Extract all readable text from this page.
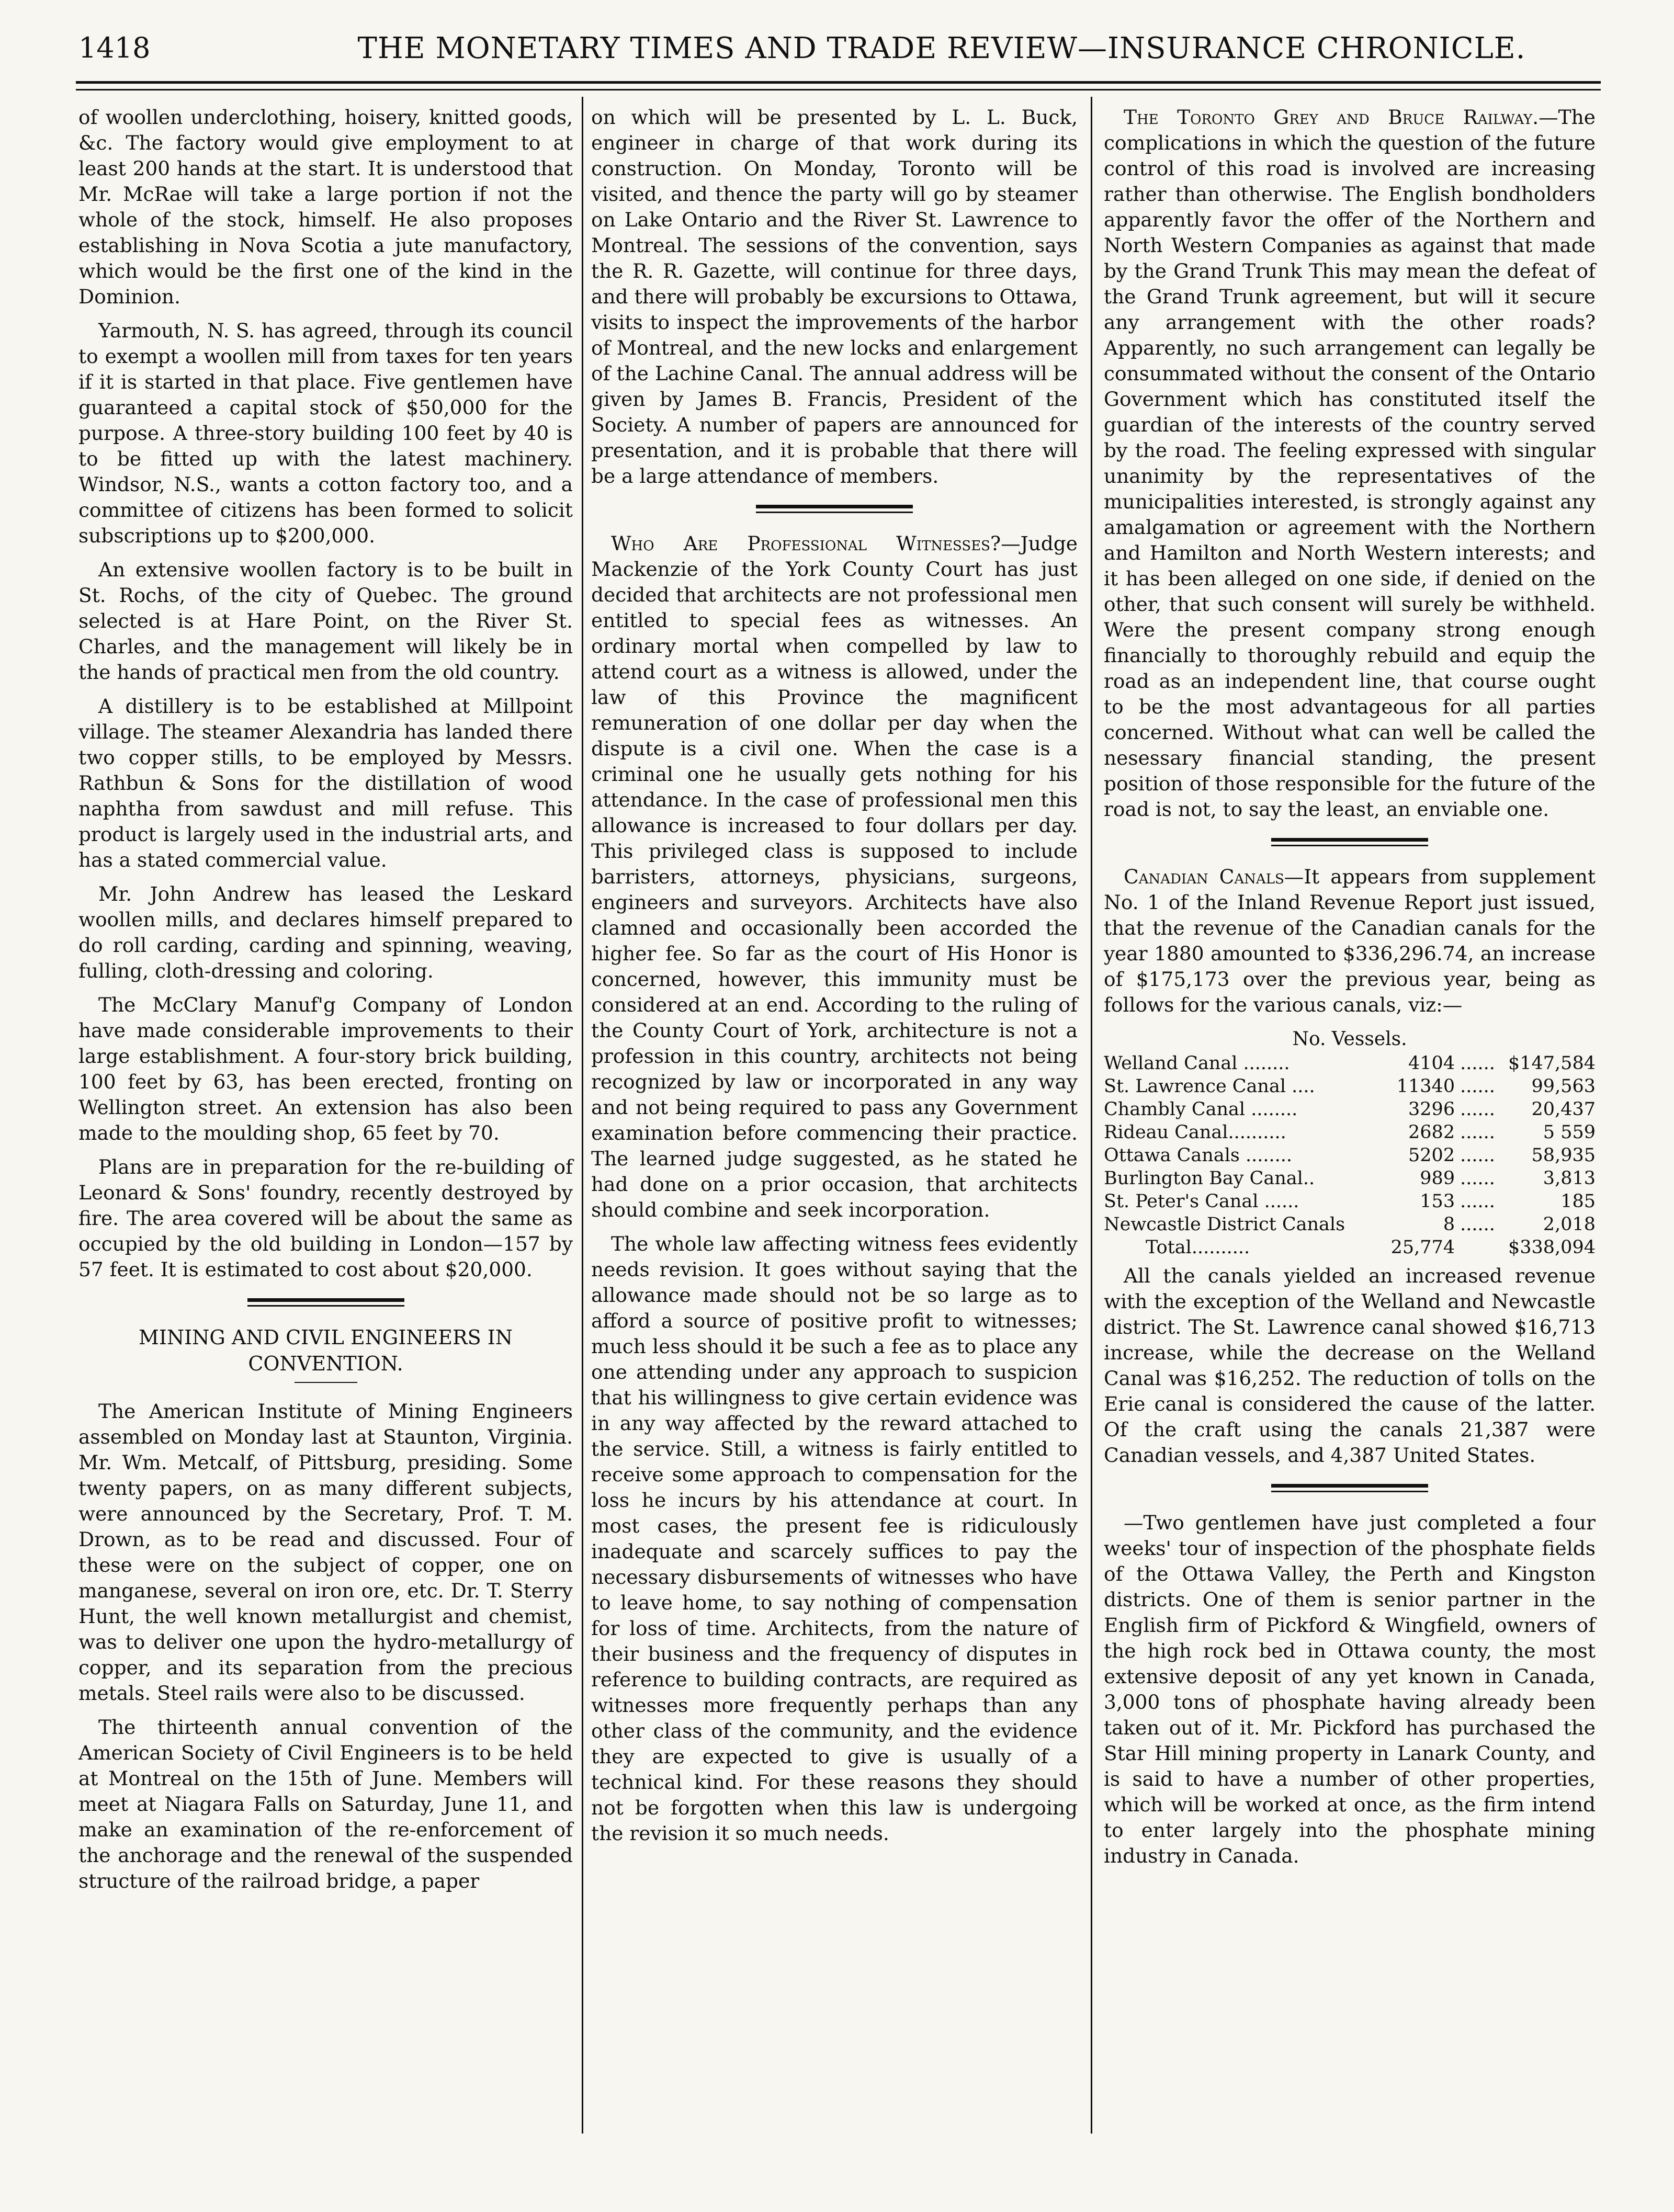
1418	THE MONETARY TIMES AND TRADE REVIEW—INSURANCE CHRONICLE.

of woollen underclothing, hoisery, knitted goods, &c. The factory would give employment to at least 200 hands at the start. It is understood that Mr. McRae will take a large portion if not the whole of the stock, himself. He also proposes establishing in Nova Scotia a jute manufactory, which would be the first one of the kind in the Dominion.

Yarmouth, N. S. has agreed, through its council to exempt a woollen mill from taxes for ten years if it is started in that place. Five gentlemen have guaranteed a capital stock of $50,000 for the purpose. A three-story building 100 feet by 40 is to be fitted up with the latest machinery. Windsor, N.S., wants a cotton factory too, and a committee of citizens has been formed to solicit subscriptions up to $200,000.

An extensive woollen factory is to be built in St. Rochs, of the city of Quebec. The ground selected is at Hare Point, on the River St. Charles, and the management will likely be in the hands of practical men from the old country.

A distillery is to be established at Millpoint village. The steamer Alexandria has landed there two copper stills, to be employed by Messrs. Rathbun & Sons for the distillation of wood naphtha from sawdust and mill refuse. This product is largely used in the industrial arts, and has a stated commercial value.

Mr. John Andrew has leased the Leskard woollen mills, and declares himself prepared to do roll carding, carding and spinning, weaving, fulling, cloth-dressing and coloring.

The McClary Manuf'g Company of London have made considerable improvements to their large establishment. A four-story brick building, 100 feet by 63, has been erected, fronting on Wellington street. An extension has also been made to the moulding shop, 65 feet by 70.

Plans are in preparation for the re-building of Leonard & Sons' foundry, recently destroyed by fire. The area covered will be about the same as occupied by the old building in London—157 by 57 feet. It is estimated to cost about $20,000.

MINING AND CIVIL ENGINEERS IN CONVENTION.

The American Institute of Mining Engineers assembled on Monday last at Staunton, Virginia. Mr. Wm. Metcalf, of Pittsburg, presiding. Some twenty papers, on as many different subjects, were announced by the Secretary, Prof. T. M. Drown, as to be read and discussed. Four of these were on the subject of copper, one on manganese, several on iron ore, etc. Dr. T. Sterry Hunt, the well known metallurgist and chemist, was to deliver one upon the hydro-metallurgy of copper, and its separation from the precious metals. Steel rails were also to be discussed.

The thirteenth annual convention of the American Society of Civil Engineers is to be held at Montreal on the 15th of June. Members will meet at Niagara Falls on Saturday, June 11, and make an examination of the re-enforcement of the anchorage and the renewal of the suspended structure of the railroad bridge, a paper

on which will be presented by L. L. Buck, engineer in charge of that work during its construction. On Monday, Toronto will be visited, and thence the party will go by steamer on Lake Ontario and the River St. Lawrence to Montreal. The sessions of the convention, says the R. R. Gazette, will continue for three days, and there will probably be excursions to Ottawa, visits to inspect the improvements of the harbor of Montreal, and the new locks and enlargement of the Lachine Canal. The annual address will be given by James B. Francis, President of the Society. A number of papers are announced for presentation, and it is probable that there will be a large attendance of members.

Who Are Professional Witnesses?—Judge Mackenzie of the York County Court has just decided that architects are not professional men entitled to special fees as witnesses. An ordinary mortal when compelled by law to attend court as a witness is allowed, under the law of this Province the magnificent remuneration of one dollar per day when the dispute is a civil one. When the case is a criminal one he usually gets nothing for his attendance. In the case of professional men this allowance is increased to four dollars per day. This privileged class is supposed to include barristers, attorneys, physicians, surgeons, engineers and surveyors. Architects have also clamned and occasionally been accorded the higher fee. So far as the court of His Honor is concerned, however, this immunity must be considered at an end. According to the ruling of the County Court of York, architecture is not a profession in this country, architects not being recognized by law or incorporated in any way and not being required to pass any Government examination before commencing their practice. The learned judge suggested, as he stated he had done on a prior occasion, that architects should combine and seek incorporation.

The whole law affecting witness fees evidently needs revision. It goes without saying that the allowance made should not be so large as to afford a source of positive profit to witnesses; much less should it be such a fee as to place any one attending under any approach to suspicion that his willingness to give certain evidence was in any way affected by the reward attached to the service. Still, a witness is fairly entitled to receive some approach to compensation for the loss he incurs by his attendance at court. In most cases, the present fee is ridiculously inadequate and scarcely suffices to pay the necessary disbursements of witnesses who have to leave home, to say nothing of compensation for loss of time. Architects, from the nature of their business and the frequency of disputes in reference to building contracts, are required as witnesses more frequently perhaps than any other class of the community, and the evidence they are expected to give is usually of a technical kind. For these reasons they should not be forgotten when this law is undergoing the revision it so much needs.

The Toronto Grey and Bruce Railway.—The complications in which the question of the future control of this road is involved are increasing rather than otherwise. The English bondholders apparently favor the offer of the Northern and North Western Companies as against that made by the Grand Trunk This may mean the defeat of the Grand Trunk agreement, but will it secure any arrangement with the other roads? Apparently, no such arrangement can legally be consummated without the consent of the Ontario Government which has constituted itself the guardian of the interests of the country served by the road. The feeling expressed with singular unanimity by the representatives of the municipalities interested, is strongly against any amalgamation or agreement with the Northern and Hamilton and North Western interests; and it has been alleged on one side, if denied on the other, that such consent will surely be withheld. Were the present company strong enough financially to thoroughly rebuild and equip the road as an independent line, that course ought to be the most advantageous for all parties concerned. Without what can well be called the nesessary financial standing, the present position of those responsible for the future of the road is not, to say the least, an enviable one.

Canadian Canals—It appears from supplement No. 1 of the Inland Revenue Report just issued, that the revenue of the Canadian canals for the year 1880 amounted to $336,296.74, an increase of $175,173 over the previous year, being as follows for the various canals, viz:—

No. Vessels.
Welland Canal ........	4104	......	$147,584
St. Lawrence Canal ....	11340	......	99,563
Chambly Canal ........	3296	......	20,437
Rideau Canal..........	2682	......	5 559
Ottawa Canals ........	5202	......	58,935
Burlington Bay Canal..	989	......	3,813
St. Peter's Canal ......	153	......	185
Newcastle District Canals	8	......	2,018
Total..........	25,774		$338,094

All the canals yielded an increased revenue with the exception of the Welland and Newcastle district. The St. Lawrence canal showed $16,713 increase, while the decrease on the Welland Canal was $16,252. The reduction of tolls on the Erie canal is considered the cause of the latter. Of the craft using the canals 21,387 were Canadian vessels, and 4,387 United States.

—Two gentlemen have just completed a four weeks' tour of inspection of the phosphate fields of the Ottawa Valley, the Perth and Kingston districts. One of them is senior partner in the English firm of Pickford & Wingfield, owners of the high rock bed in Ottawa county, the most extensive deposit of any yet known in Canada, 3,000 tons of phosphate having already been taken out of it. Mr. Pickford has purchased the Star Hill mining property in Lanark County, and is said to have a number of other properties, which will be worked at once, as the firm intend to enter largely into the phosphate mining industry in Canada.
